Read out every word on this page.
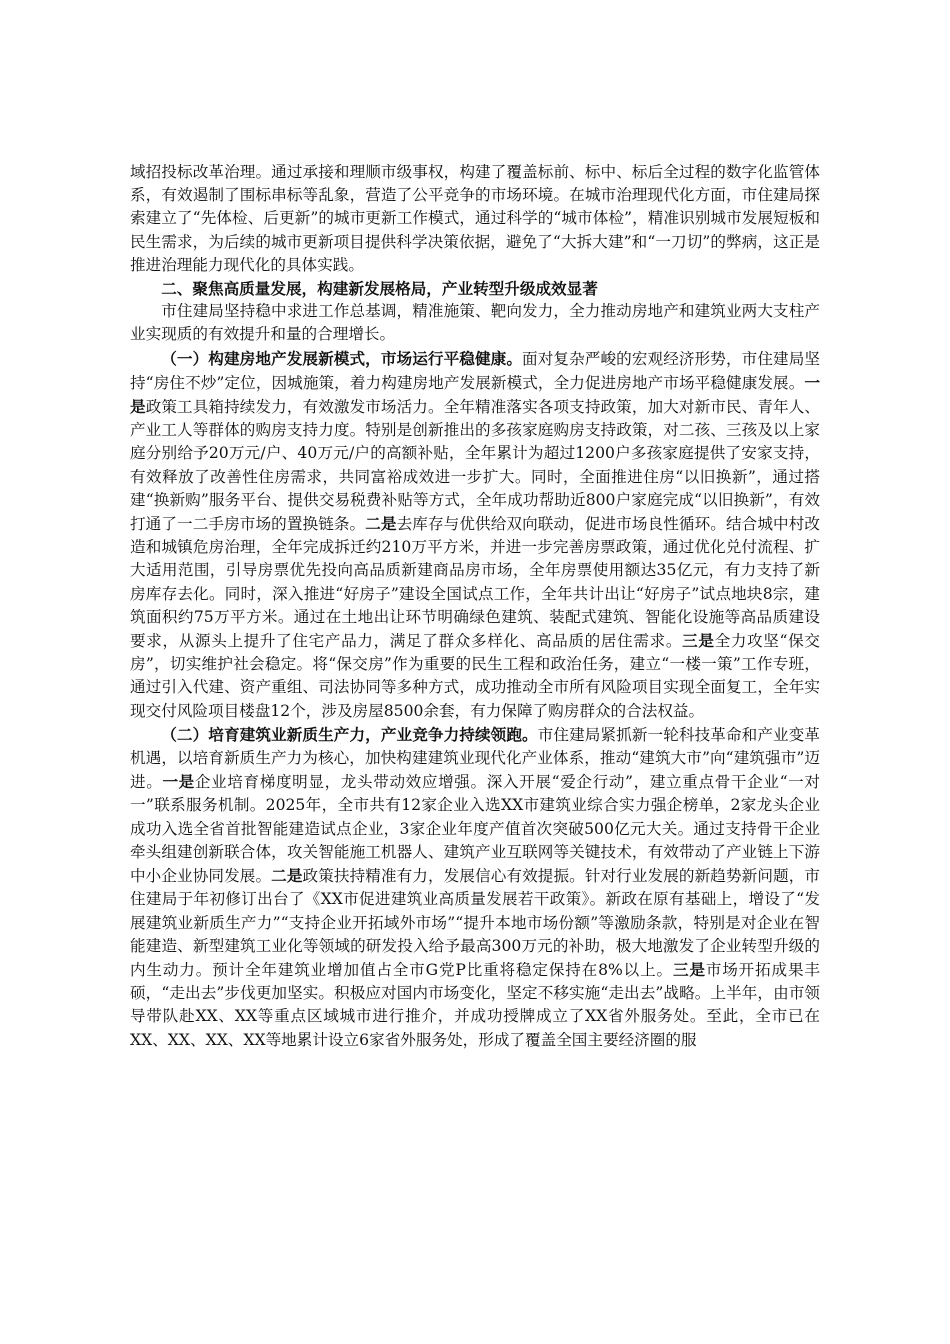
域招投标改革治理。通过承接和理顺市级事权，构建了覆盖标前、标中、标后全过程的数字化监管体系，有效遏制了围标串标等乱象，营造了公平竞争的市场环境。在城市治理现代化方面，市住建局探索建立了“先体检、后更新”的城市更新工作模式，通过科学的“城市体检”，精准识别城市发展短板和民生需求，为后续的城市更新项目提供科学决策依据，避免了“大拆大建”和“一刀切”的弊病，这正是推进治理能力现代化的具体实践。

二、聚焦高质量发展，构建新发展格局，产业转型升级成效显著

市住建局坚持稳中求进工作总基调，精准施策、靶向发力，全力推动房地产和建筑业两大支柱产业实现质的有效提升和量的合理增长。

（一）构建房地产发展新模式，市场运行平稳健康。面对复杂严峻的宏观经济形势，市住建局坚持“房住不炒”定位，因城施策，着力构建房地产发展新模式，全力促进房地产市场平稳健康发展。一是政策工具箱持续发力，有效激发市场活力。全年精准落实各项支持政策，加大对新市民、青年人、产业工人等群体的购房支持力度。特别是创新推出的多孩家庭购房支持政策，对二孩、三孩及以上家庭分别给予20万元/户、40万元/户的高额补贴，全年累计为超过1200户多孩家庭提供了安家支持，有效释放了改善性住房需求，共同富裕成效进一步扩大。同时，全面推进住房“以旧换新”，通过搭建“换新购”服务平台、提供交易税费补贴等方式，全年成功帮助近800户家庭完成“以旧换新”，有效打通了一二手房市场的置换链条。二是去库存与优供给双向联动，促进市场良性循环。结合城中村改造和城镇危房治理，全年完成拆迁约210万平方米，并进一步完善房票政策，通过优化兑付流程、扩大适用范围，引导房票优先投向高品质新建商品房市场，全年房票使用额达35亿元，有力支持了新房库存去化。同时，深入推进“好房子”建设全国试点工作，全年共计出让“好房子”试点地块8宗，建筑面积约75万平方米。通过在土地出让环节明确绿色建筑、装配式建筑、智能化设施等高品质建设要求，从源头上提升了住宅产品力，满足了群众多样化、高品质的居住需求。三是全力攻坚“保交房”，切实维护社会稳定。将“保交房”作为重要的民生工程和政治任务，建立“一楼一策”工作专班，通过引入代建、资产重组、司法协同等多种方式，成功推动全市所有风险项目实现全面复工，全年实现交付风险项目楼盘12个，涉及房屋8500余套，有力保障了购房群众的合法权益。

（二）培育建筑业新质生产力，产业竞争力持续领跑。市住建局紧抓新一轮科技革命和产业变革机遇，以培育新质生产力为核心，加快构建建筑业现代化产业体系，推动“建筑大市”向“建筑强市”迈进。一是企业培育梯度明显，龙头带动效应增强。深入开展“爱企行动”，建立重点骨干企业“一对一”联系服务机制。2025年，全市共有12家企业入选XX市建筑业综合实力强企榜单，2家龙头企业成功入选全省首批智能建造试点企业，3家企业年度产值首次突破500亿元大关。通过支持骨干企业牵头组建创新联合体，攻关智能施工机器人、建筑产业互联网等关键技术，有效带动了产业链上下游中小企业协同发展。二是政策扶持精准有力，发展信心有效提振。针对行业发展的新趋势新问题，市住建局于年初修订出台了《XX市促进建筑业高质量发展若干政策》。新政在原有基础上，增设了“发展建筑业新质生产力”“支持企业开拓域外市场”“提升本地市场份额”等激励条款，特别是对企业在智能建造、新型建筑工业化等领域的研发投入给予最高300万元的补助，极大地激发了企业转型升级的内生动力。预计全年建筑业增加值占全市G党P比重将稳定保持在8%以上。三是市场开拓成果丰硕，“走出去”步伐更加坚实。积极应对国内市场变化，坚定不移实施“走出去”战略。上半年，由市领导带队赴XX、XX等重点区域城市进行推介，并成功授牌成立了XX省外服务处。至此，全市已在XX、XX、XX、XX等地累计设立6家省外服务处，形成了覆盖全国主要经济圈的服
